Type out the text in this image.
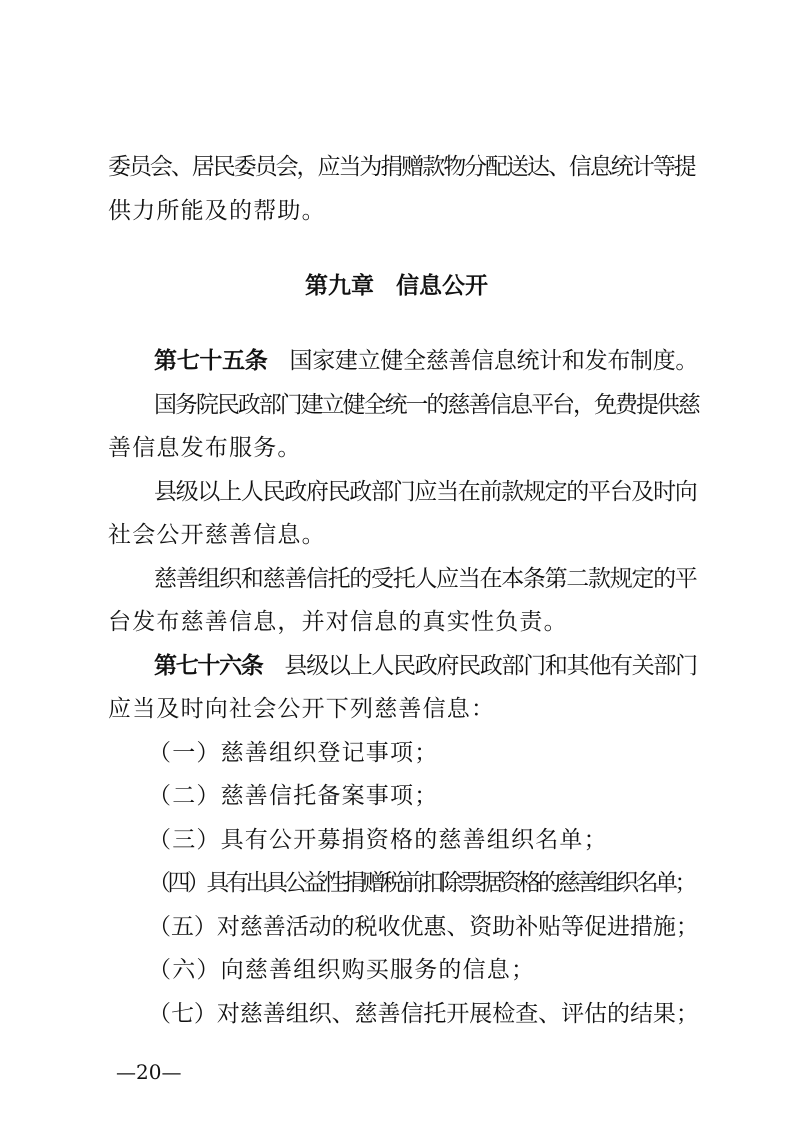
委员会、居民委员会，应当为捐赠款物分配送达、信息统计等提
供力所能及的帮助。
第九章 信息公开
第七十五条 国家建立健全慈善信息统计和发布制度。
国务院民政部门建立健全统一的慈善信息平台，免费提供慈
善信息发布服务。
县级以上人民政府民政部门应当在前款规定的平台及时向
社会公开慈善信息。
慈善组织和慈善信托的受托人应当在本条第二款规定的平
台发布慈善信息，并对信息的真实性负责。
第七十六条 县级以上人民政府民政部门和其他有关部门
应当及时向社会公开下列慈善信息：
（一）慈善组织登记事项；
（二）慈善信托备案事项；
（三）具有公开募捐资格的慈善组织名单；
（四）具有出具公益性捐赠税前扣除票据资格的慈善组织名单；
（五）对慈善活动的税收优惠、资助补贴等促进措施；
（六）向慈善组织购买服务的信息；
（七）对慈善组织、慈善信托开展检查、评估的结果；
—20—
